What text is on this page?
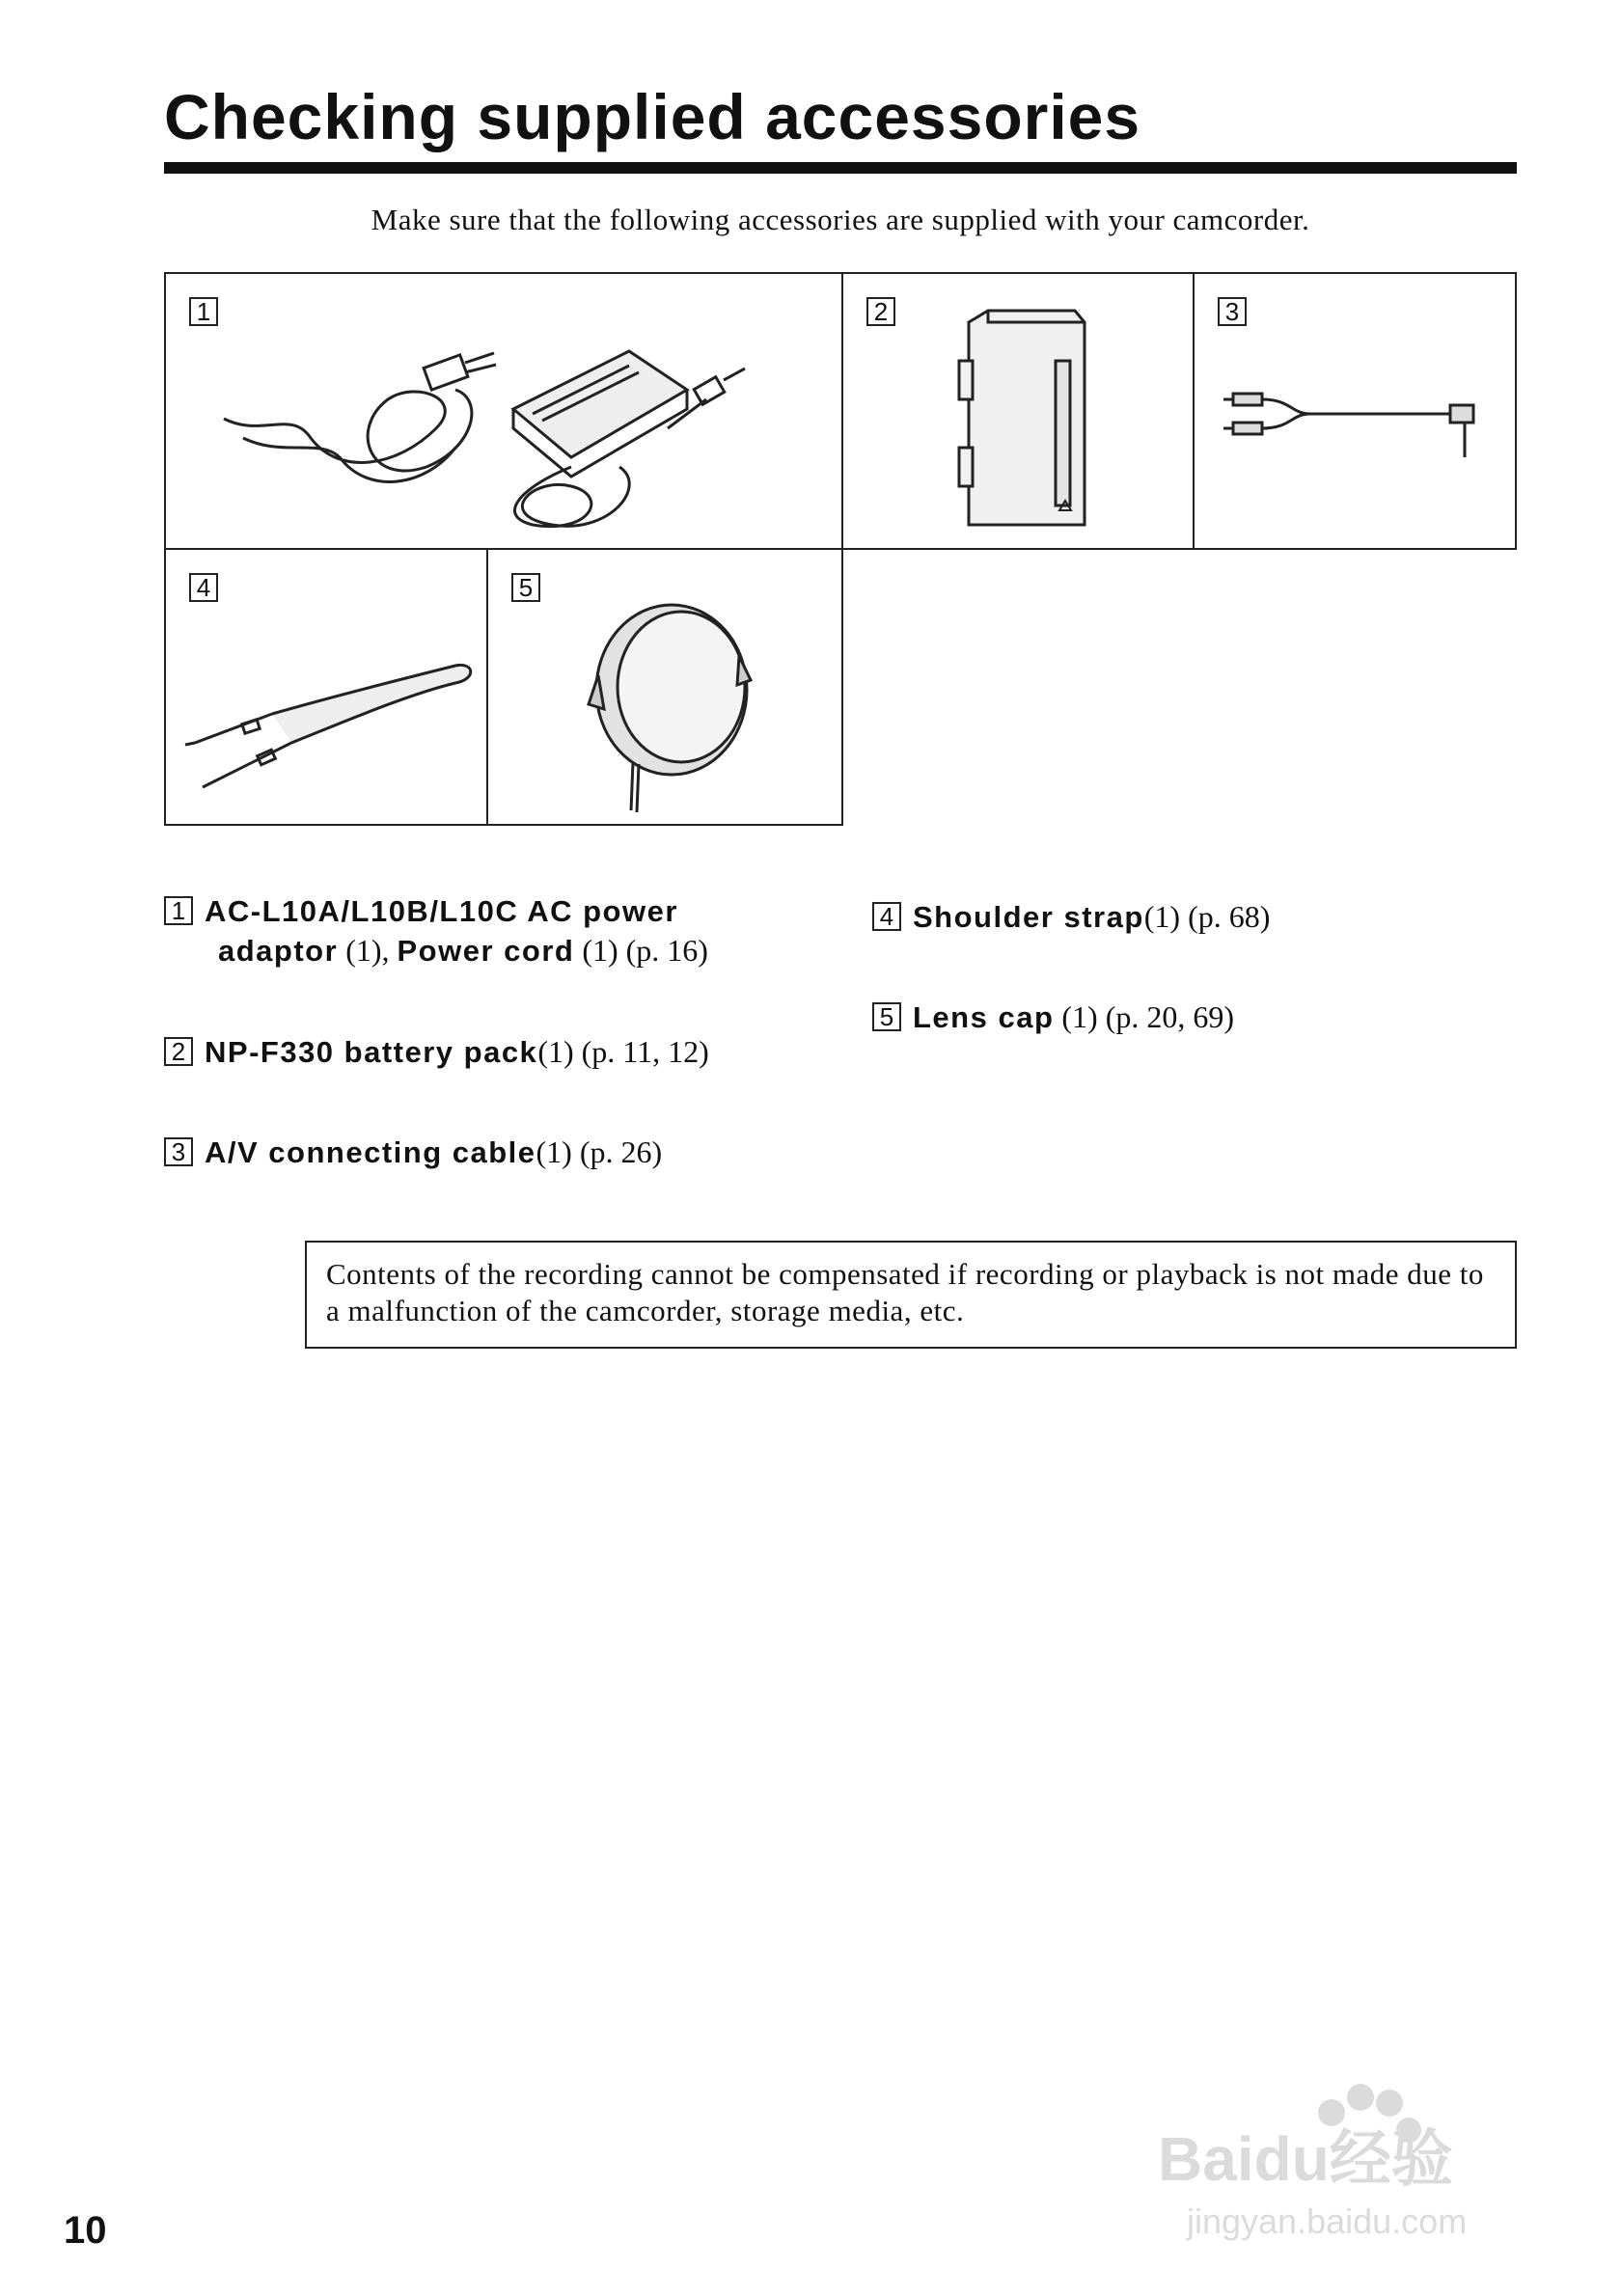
Checking supplied accessories
Make sure that the following accessories are supplied with your camcorder.
1	2	3
4	5
1 AC-L10A/L10B/L10C AC power
adaptor (1), Power cord (1) (p. 16)
2 NP-F330 battery pack(1) (p. 11, 12)
3 A/V connecting cable(1) (p. 26)
4 Shoulder strap(1) (p. 68)
5 Lens cap (1) (p. 20, 69)
Contents of the recording cannot be compensated if recording or playback is not made due to a malfunction of the camcorder, storage media, etc.
10
Baidu经验
jingyan.baidu.com
